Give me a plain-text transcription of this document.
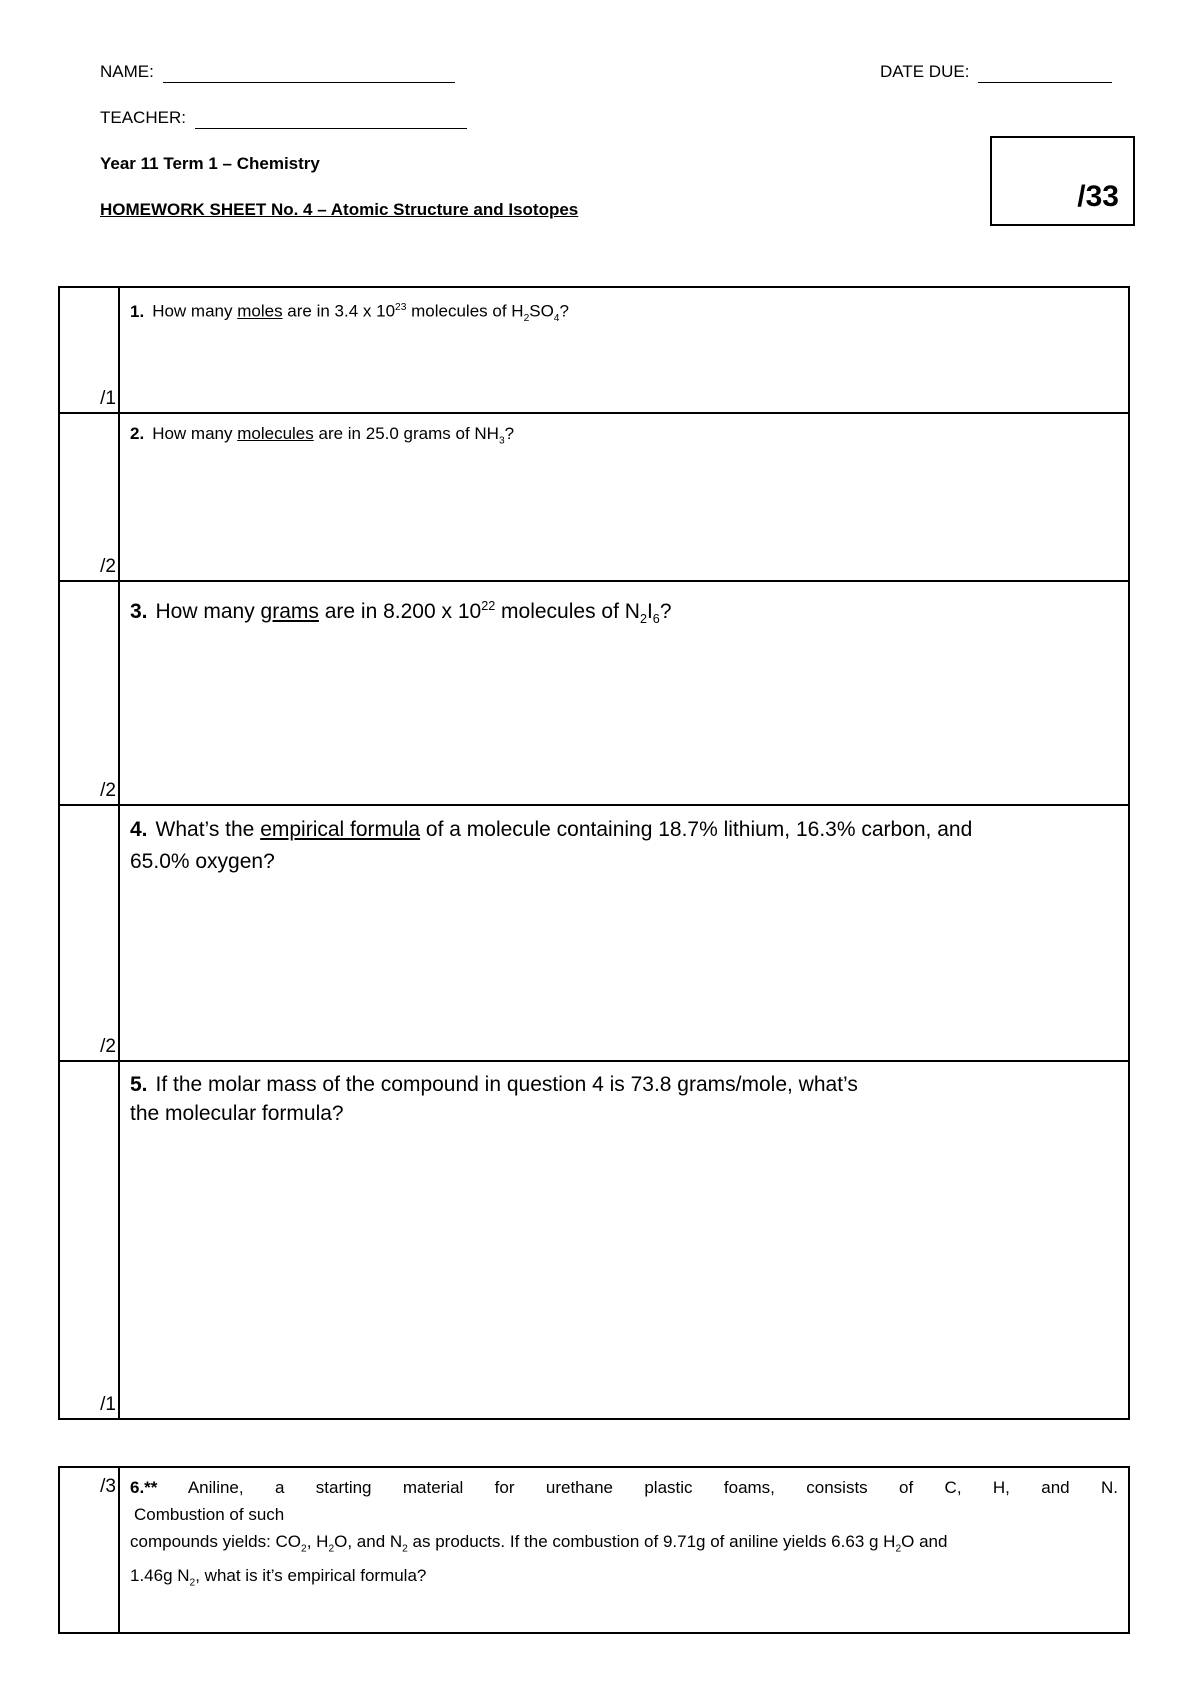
NAME:	DATE DUE:
TEACHER:
Year 11 Term 1 – Chemistry
HOMEWORK SHEET No. 4 – Atomic Structure and Isotopes	/33
/1	1. How many moles are in 3.4 x $10^{23}$ molecules of $H_2SO_4$?

/2	2. How many molecules are in 25.0 grams of $NH_3$?

/2	3. How many grams are in 8.200 x $10^{22}$ molecules of $N_2I_6$?

/2	4. What’s the empirical formula of a molecule containing 18.7% lithium, 16.3% carbon, and
65.0% oxygen?

/1	5. If the molar mass of the compound in question 4 is 73.8 grams/mole, what’s
the molecular formula?
/3	6.** Aniline, a starting material for urethane plastic foams, consists of C, H, and N.
Combustion of such
compounds yields: $CO_2$, $H_2O$, and $N_2$ as products. If the combustion of 9.71g of aniline yields 6.63 g $H_2O$ and
1.46g $N_2$, what is it’s empirical formula?
